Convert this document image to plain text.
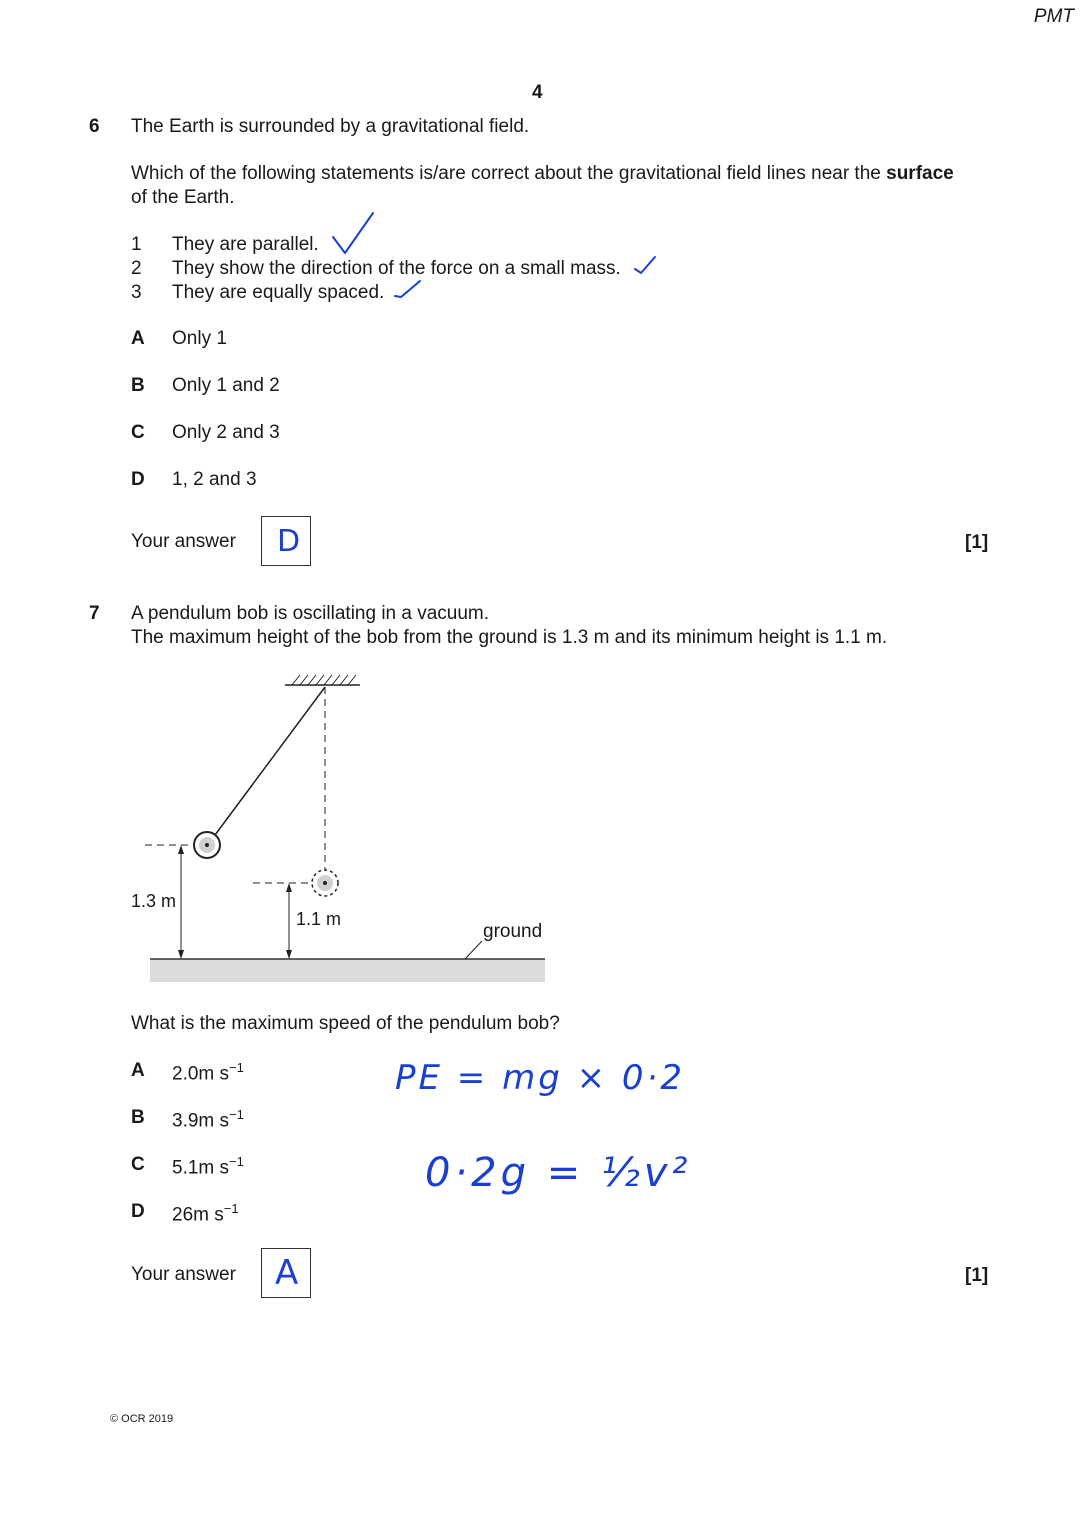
PMT
4
6 The Earth is surrounded by a gravitational field.
Which of the following statements is/are correct about the gravitational field lines near the surface
of the Earth.
1 They are parallel.
2 They show the direction of the force on a small mass.
3 They are equally spaced.
A Only 1
B Only 1 and 2
C Only 2 and 3
D 1, 2 and 3
Your answer D	[1]
7 A pendulum bob is oscillating in a vacuum.
The maximum height of the bob from the ground is 1.3 m and its minimum height is 1.1 m.
1.3 m
1.1 m
ground
What is the maximum speed of the pendulum bob?
A 2.0m $s^{-1}$
B 3.9m $s^{-1}$
C 5.1m $s^{-1}$
D 26m $s^{-1}$
PE = mg × 0·2
0·2g = ½v²
Your answer A	[1]
© OCR 2019
